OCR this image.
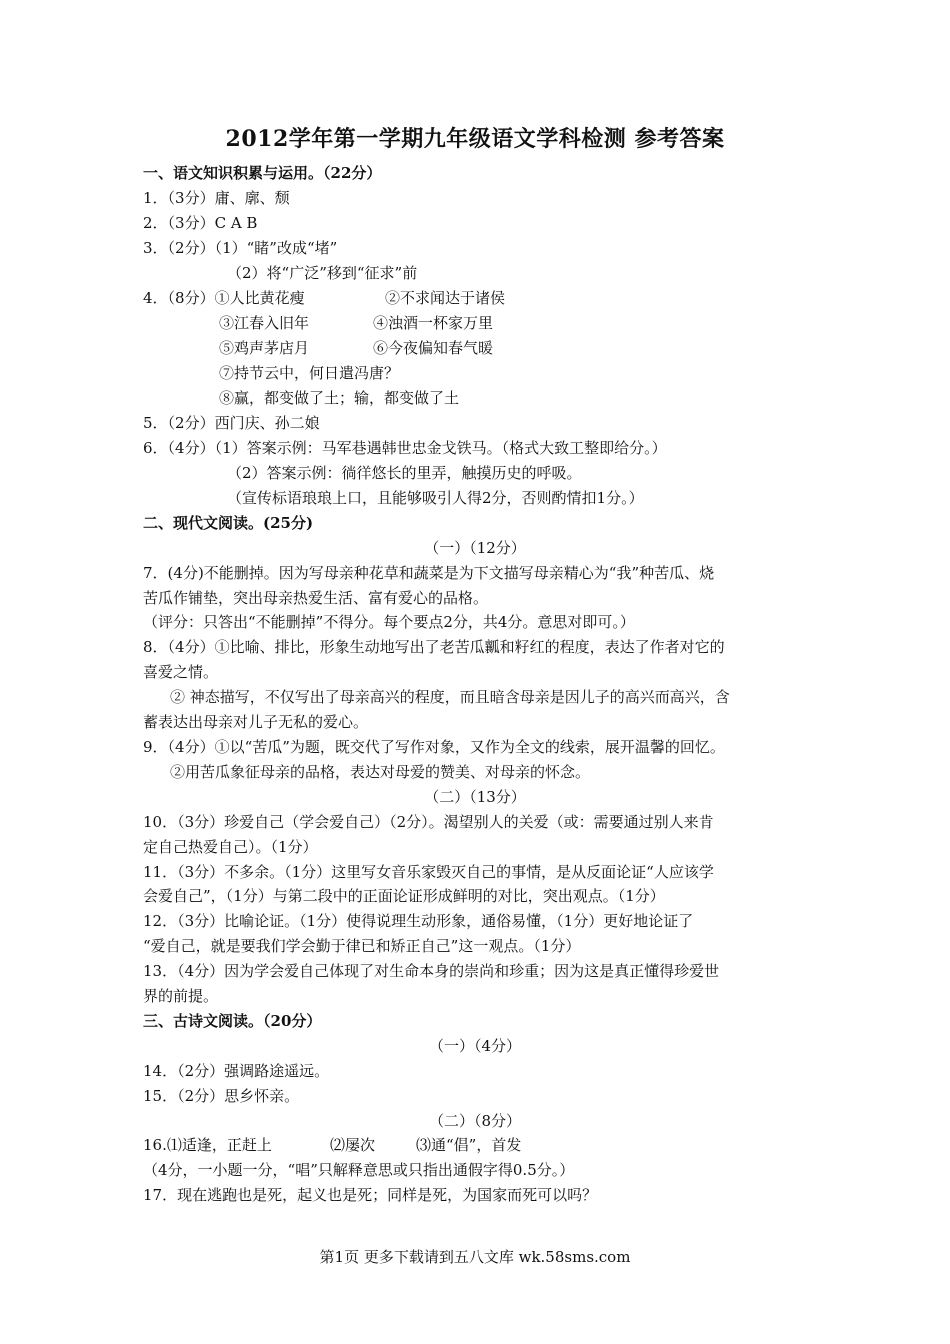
2012学年第一学期九年级语文学科检测 参考答案
一、语文知识积累与运用。（22分）
1．（3分）庸、廓、颓
2．（3分）C A B
3．（2分）（1）“睹”改成“堵”
（2）将“广泛”移到“征求”前
4．（8分）①人比黄花瘦	②不求闻达于诸侯
③江春入旧年	④浊酒一杯家万里
⑤鸡声茅店月	⑥今夜偏知春气暖
⑦持节云中，何日遣冯唐？
⑧赢，都变做了土；输，都变做了土
5．（2分）西门庆、孙二娘
6．（4分）（1）答案示例：马军巷遇韩世忠金戈铁马。（格式大致工整即给分。）
（2）答案示例：徜徉悠长的里弄，触摸历史的呼吸。
（宣传标语琅琅上口，且能够吸引人得2分，否则酌情扣1分。）
二、现代文阅读。(25分)
（一）（12分）
7．(4分)不能删掉。因为写母亲种花草和蔬菜是为下文描写母亲精心为“我”种苦瓜、烧
苦瓜作铺垫，突出母亲热爱生活、富有爱心的品格。
（评分：只答出“不能删掉”不得分。每个要点2分，共4分。意思对即可。）
8．（4分）①比喻、排比，形象生动地写出了老苦瓜瓤和籽红的程度，表达了作者对它的
喜爱之情。
② 神态描写，不仅写出了母亲高兴的程度，而且暗含母亲是因儿子的高兴而高兴，含
蓄表达出母亲对儿子无私的爱心。
9．（4分）①以“苦瓜”为题，既交代了写作对象，又作为全文的线索，展开温馨的回忆。
②用苦瓜象征母亲的品格，表达对母爱的赞美、对母亲的怀念。
（二）（13分）
10．（3分）珍爱自己（学会爱自己）（2分）。渴望别人的关爱（或：需要通过别人来肯
定自己热爱自己）。（1分）
11．（3分）不多余。（1分）这里写女音乐家毁灭自己的事情，是从反面论证“人应该学
会爱自己”，（1分）与第二段中的正面论证形成鲜明的对比，突出观点。（1分）
12．（3分）比喻论证。（1分）使得说理生动形象，通俗易懂，（1分）更好地论证了
“爱自己，就是要我们学会勤于律已和矫正自己”这一观点。（1分）
13．（4分）因为学会爱自己体现了对生命本身的崇尚和珍重；因为这是真正懂得珍爱世
界的前提。
三、古诗文阅读。（20分）
（一）（4分）
14．（2分）强调路途遥远。
15．（2分）思乡怀亲。
（二）（8分）
16.⑴适逢，正赶上	⑵屡次	⑶通“倡”，首发
（4分，一小题一分，“唱”只解释意思或只指出通假字得0.5分。）
17．现在逃跑也是死，起义也是死；同样是死，为国家而死可以吗？
第1页 更多下载请到五八文库 wk.58sms.com
